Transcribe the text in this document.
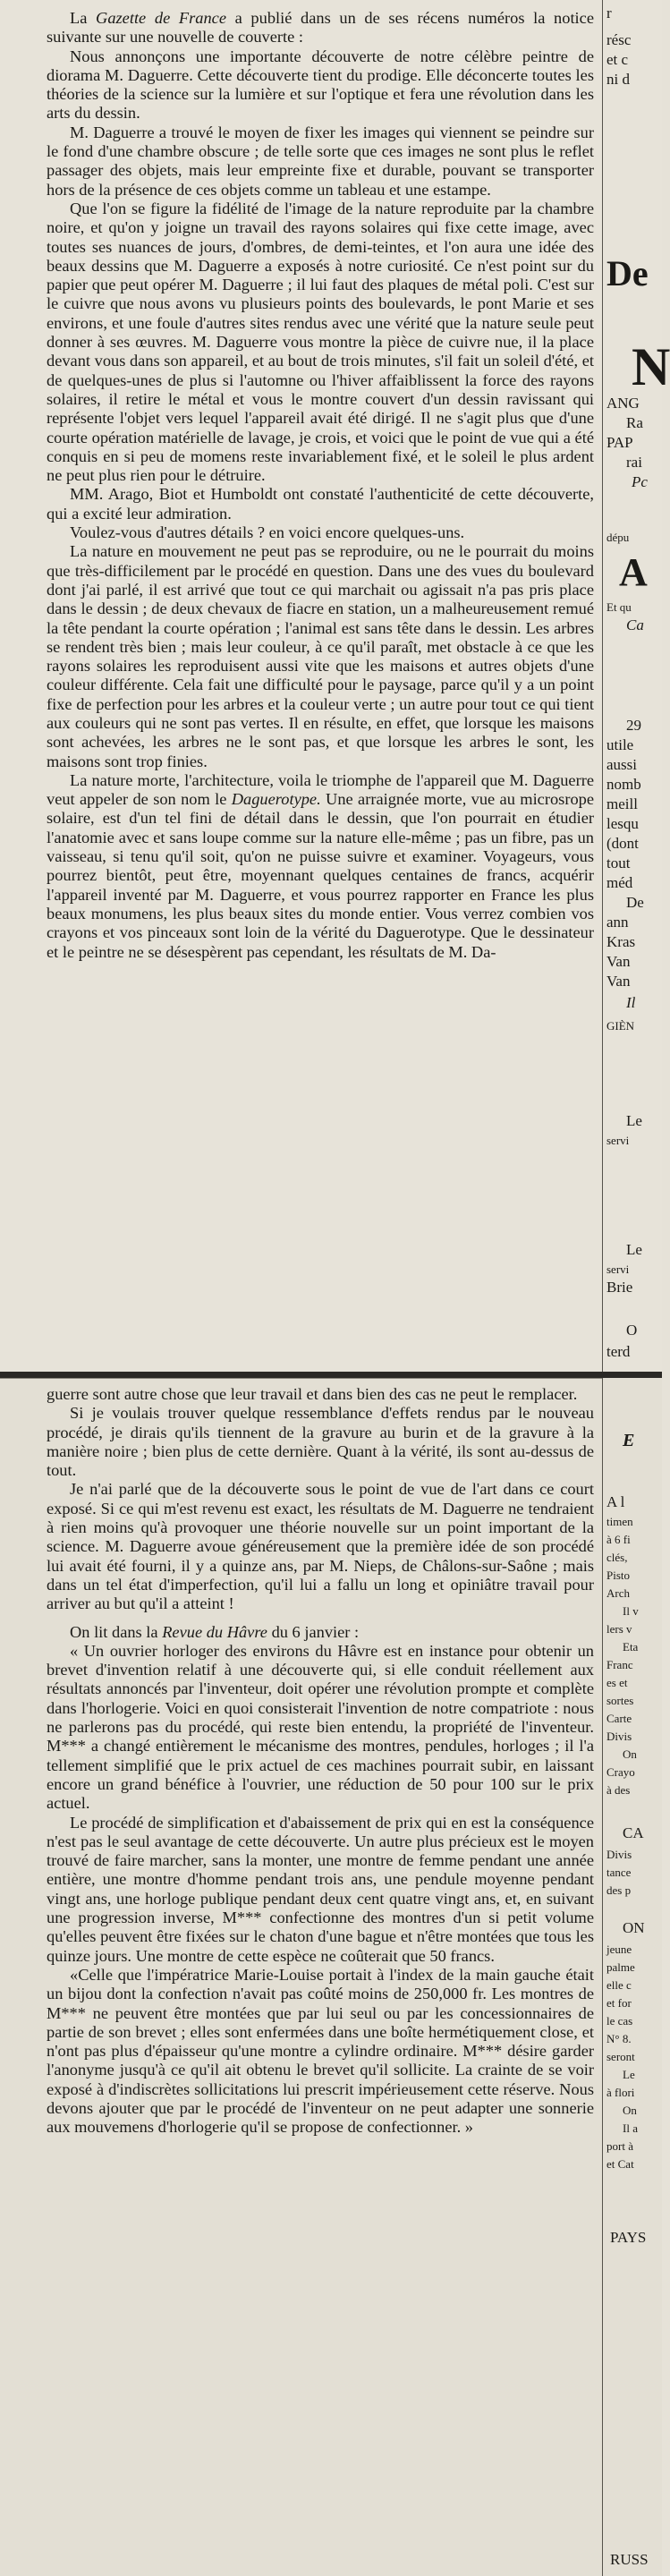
La Gazette de France a publié dans un de ses récens numéros la notice suivante sur une nouvelle de couverte :

Nous annonçons une importante découverte de notre célèbre peintre de diorama M. Daguerre. Cette découverte tient du prodige. Elle déconcerte toutes les théories de la science sur la lumière et sur l'optique et fera une révolution dans les arts du dessin.

M. Daguerre a trouvé le moyen de fixer les images qui viennent se peindre sur le fond d'une chambre obscure ; de telle sorte que ces images ne sont plus le reflet passager des objets, mais leur empreinte fixe et durable, pouvant se transporter hors de la présence de ces objets comme un tableau et une estampe.

Que l'on se figure la fidélité de l'image de la nature reproduite par la chambre noire, et qu'on y joigne un travail des rayons solaires qui fixe cette image, avec toutes ses nuances de jours, d'ombres, de demi-teintes, et l'on aura une idée des beaux dessins que M. Daguerre a exposés à notre curiosité. Ce n'est point sur du papier que peut opérer M. Daguerre ; il lui faut des plaques de métal poli. C'est sur le cuivre que nous avons vu plusieurs points des boulevards, le pont Marie et ses environs, et une foule d'autres sites rendus avec une vérité que la nature seule peut donner à ses œuvres. M. Daguerre vous montre la pièce de cuivre nue, il la place devant vous dans son appareil, et au bout de trois minutes, s'il fait un soleil d'été, et de quelques-unes de plus si l'automne ou l'hiver affaiblissent la force des rayons solaires, il retire le métal et vous le montre couvert d'un dessin ravissant qui représente l'objet vers lequel l'appareil avait été dirigé. Il ne s'agit plus que d'une courte opération matérielle de lavage, je crois, et voici que le point de vue qui a été conquis en si peu de momens reste invariablement fixé, et le soleil le plus ardent ne peut plus rien pour le détruire.

MM. Arago, Biot et Humboldt ont constaté l'authenticité de cette découverte, qui a excité leur admiration.

Voulez-vous d'autres détails ? en voici encore quelques-uns.

La nature en mouvement ne peut pas se reproduire, ou ne le pourrait du moins que très-difficilement par le procédé en question. Dans une des vues du boulevard dont j'ai parlé, il est arrivé que tout ce qui marchait ou agissait n'a pas pris place dans le dessin ; de deux chevaux de fiacre en station, un a malheureusement remué la tête pendant la courte opération ; l'animal est sans tête dans le dessin. Les arbres se rendent très bien ; mais leur couleur, à ce qu'il paraît, met obstacle à ce que les rayons solaires les reproduisent aussi vite que les maisons et autres objets d'une couleur différente. Cela fait une difficulté pour le paysage, parce qu'il y a un point fixe de perfection pour les arbres et la couleur verte ; un autre pour tout ce qui tient aux couleurs qui ne sont pas vertes. Il en résulte, en effet, que lorsque les maisons sont achevées, les arbres ne le sont pas, et que lorsque les arbres le sont, les maisons sont trop finies.

La nature morte, l'architecture, voila le triomphe de l'appareil que M. Daguerre veut appeler de son nom le Daguerotype. Une arraignée morte, vue au microsrope solaire, est d'un tel fini de détail dans le dessin, que l'on pourrait en étudier l'anatomie avec et sans loupe comme sur la nature elle-même ; pas un fibre, pas un vaisseau, si tenu qu'il soit, qu'on ne puisse suivre et examiner. Voyageurs, vous pourrez bientôt, peut être, moyennant quelques centaines de francs, acquérir l'appareil inventé par M. Daguerre, et vous pourrez rapporter en France les plus beaux monumens, les plus beaux sites du monde entier. Vous verrez combien vos crayons et vos pinceaux sont loin de la vérité du Daguerotype. Que le dessinateur et le peintre ne se désespèrent pas cependant, les résultats de M. Da-

r
résc
et c
ni d
De
N
ANG
Ra
PAP
rai
Pc
dépu
A
Et qu
Ca
29
utile
aussi
nomb
meill
lesqu
(dont
tout
méd
De
ann
Kras
Van
Van
Il
GIÈN
Le
servi
Le
servi
Brie
O
terd

guerre sont autre chose que leur travail et dans bien des cas ne peut le remplacer.

Si je voulais trouver quelque ressemblance d'effets rendus par le nouveau procédé, je dirais qu'ils tiennent de la gravure au burin et de la gravure à la manière noire ; bien plus de cette dernière. Quant à la vérité, ils sont au-dessus de tout.

Je n'ai parlé que de la découverte sous le point de vue de l'art dans ce court exposé. Si ce qui m'est revenu est exact, les résultats de M. Daguerre ne tendraient à rien moins qu'à provoquer une théorie nouvelle sur un point important de la science. M. Daguerre avoue généreusement que la première idée de son procédé lui avait été fourni, il y a quinze ans, par M. Nieps, de Châlons-sur-Saône ; mais dans un tel état d'imperfection, qu'il lui a fallu un long et opiniâtre travail pour arriver au but qu'il a atteint !

On lit dans la Revue du Hâvre du 6 janvier :

« Un ouvrier horloger des environs du Hâvre est en instance pour obtenir un brevet d'invention relatif à une découverte qui, si elle conduit réellement aux résultats annoncés par l'inventeur, doit opérer une révolution prompte et complète dans l'horlogerie. Voici en quoi consisterait l'invention de notre compatriote : nous ne parlerons pas du procédé, qui reste bien entendu, la propriété de l'inventeur. M*** a changé entièrement le mécanisme des montres, pendules, horloges ; il l'a tellement simplifié que le prix actuel de ces machines pourrait subir, en laissant encore un grand bénéfice à l'ouvrier, une réduction de 50 pour 100 sur le prix actuel.

Le procédé de simplification et d'abaissement de prix qui en est la conséquence n'est pas le seul avantage de cette découverte. Un autre plus précieux est le moyen trouvé de faire marcher, sans la monter, une montre de femme pendant une année entière, une montre d'homme pendant trois ans, une pendule moyenne pendant vingt ans, une horloge publique pendant deux cent quatre vingt ans, et, en suivant une progression inverse, M*** confectionne des montres d'un si petit volume qu'elles peuvent être fixées sur le chaton d'une bague et n'être montées que tous les quinze jours. Une montre de cette espèce ne coûterait que 50 francs.

«Celle que l'impératrice Marie-Louise portait à l'index de la main gauche était un bijou dont la confection n'avait pas coûté moins de 250,000 fr. Les montres de M*** ne peuvent être montées que par lui seul ou par les concessionnaires de partie de son brevet ; elles sont enfermées dans une boîte hermétiquement close, et n'ont pas plus d'épaisseur qu'une montre a cylindre ordinaire. M*** désire garder l'anonyme jusqu'à ce qu'il ait obtenu le brevet qu'il sollicite. La crainte de se voir exposé à d'indiscrètes sollicitations lui prescrit impérieusement cette réserve. Nous devons ajouter que par le procédé de l'inventeur on ne peut adapter une sonnerie aux mouvemens d'horlogerie qu'il se propose de confectionner. »

E
A l
timen
à 6 fi
clés,
Pisto
Arch
Il v
lers v
Eta
Franc
es et
sortes
Carte
Divis
On
Crayo
à des
CA
Divis
tance
des p
ON
jeune
palme
elle c
et for
le cas
N° 8.
seront
Le
à flori
On
Il a
port à
et Cat
PAYS
RUSS
